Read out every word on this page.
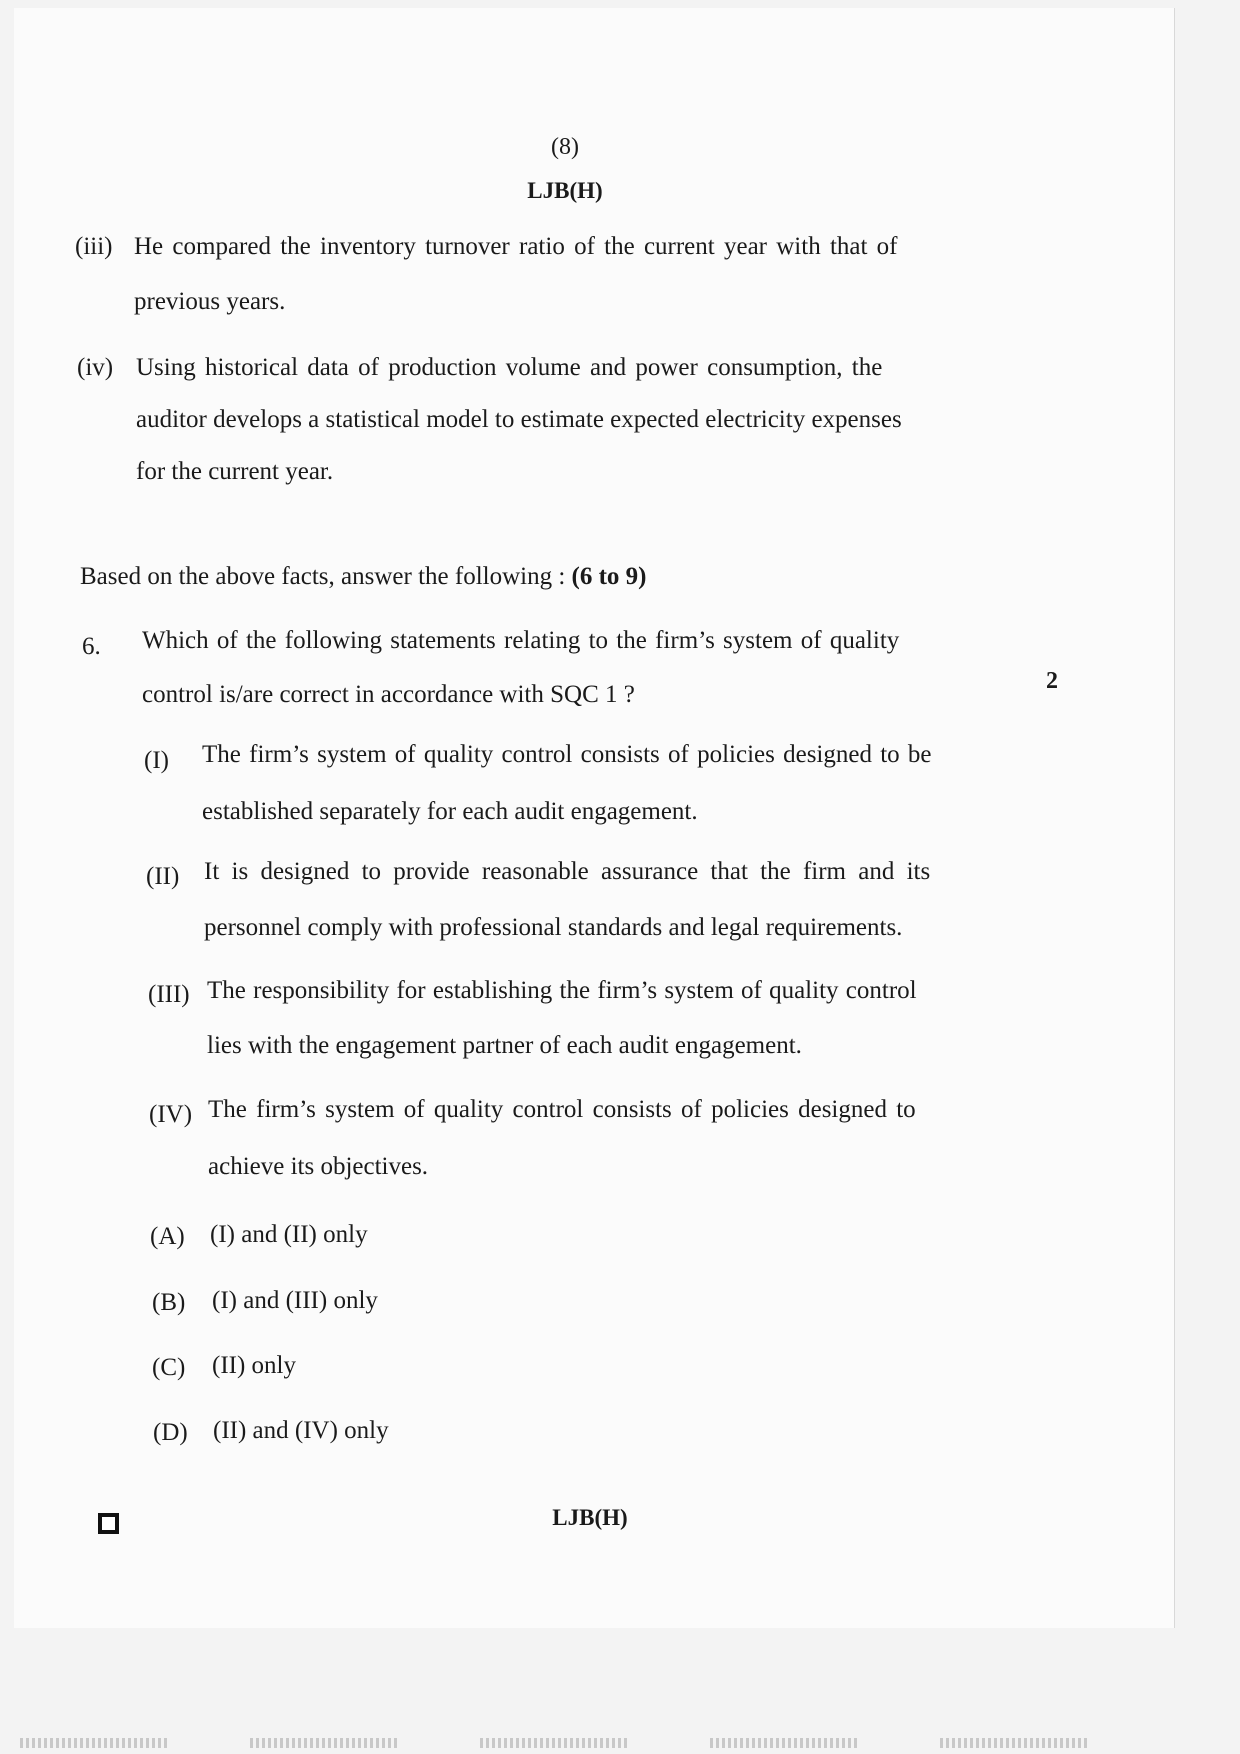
(8)
LJB(H)
(iii) He compared the inventory turnover ratio of the current year with that of
previous years.
(iv) Using historical data of production volume and power consumption, the
auditor develops a statistical model to estimate expected electricity expenses
for the current year.
Based on the above facts, answer the following : (6 to 9)
6. Which of the following statements relating to the firm’s system of quality
control is/are correct in accordance with SQC 1 ?	2
(I) The firm’s system of quality control consists of policies designed to be
established separately for each audit engagement.
(II) It is designed to provide reasonable assurance that the firm and its
personnel comply with professional standards and legal requirements.
(III) The responsibility for establishing the firm’s system of quality control
lies with the engagement partner of each audit engagement.
(IV) The firm’s system of quality control consists of policies designed to
achieve its objectives.
(A) (I) and (II) only
(B) (I) and (III) only
(C) (II) only
(D) (II) and (IV) only
LJB(H)
